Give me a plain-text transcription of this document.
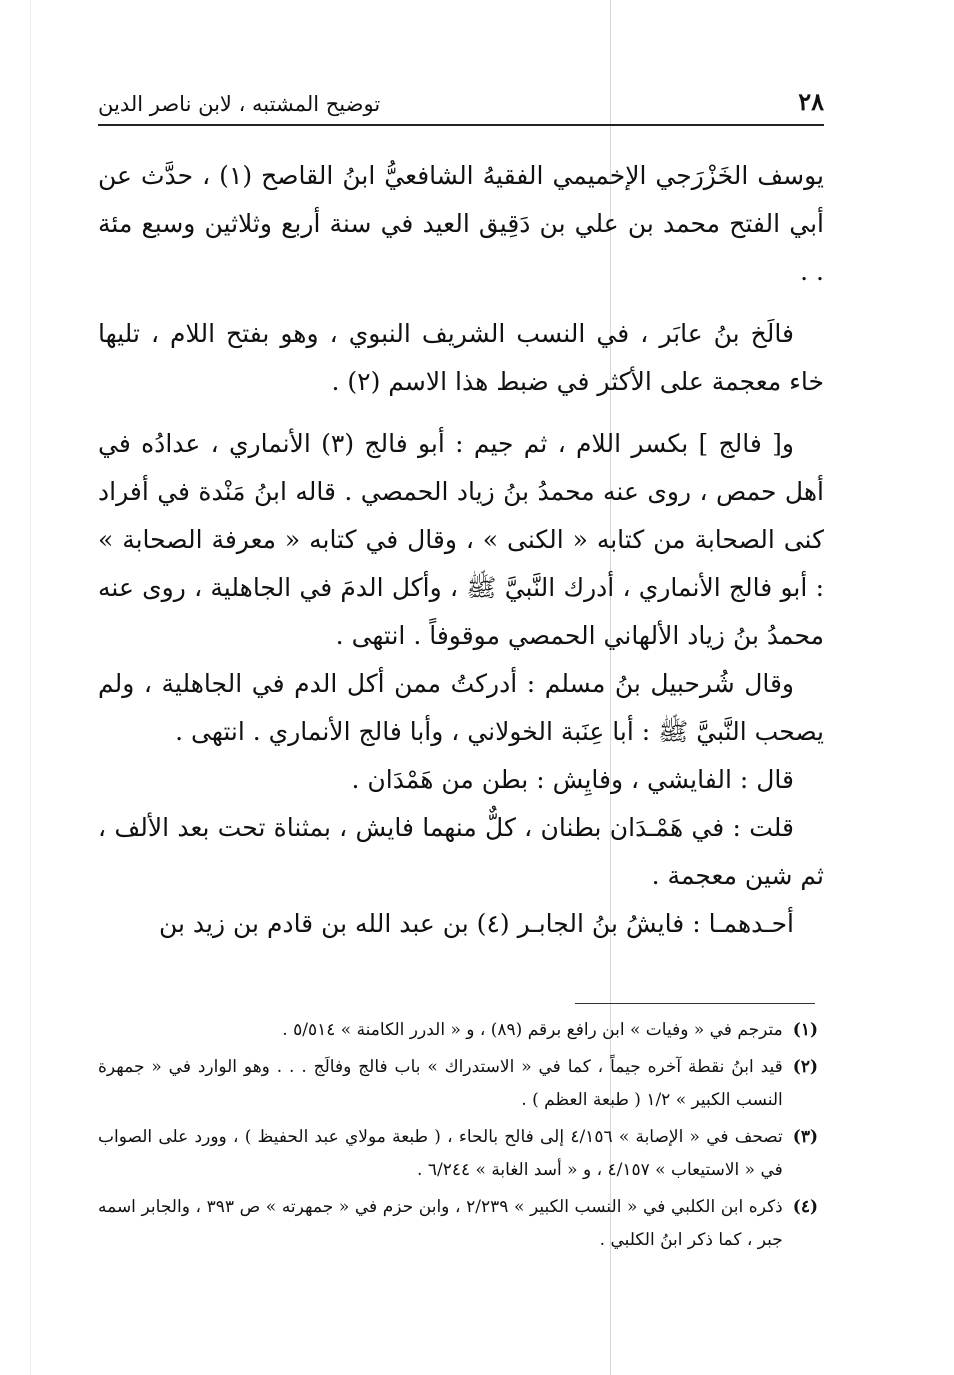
٢٨
توضيح المشتبه ، لابن ناصر الدين

يوسف الخَزْرَجي الإخميمي الفقيهُ الشافعيُّ ابنُ القاصح (١) ، حدَّث عن أبي الفتح محمد بن علي بن دَقِيق العيد في سنة أربع وثلاثين وسبع مئة . .

فالَخ بنُ عابَر ، في النسب الشريف النبوي ، وهو بفتح اللام ، تليها خاء معجمة على الأكثر في ضبط هذا الاسم (٢) .

و[ فالج ] بكسر اللام ، ثم جيم : أبو فالج (٣) الأنماري ، عدادُه في أهل حمص ، روى عنه محمدُ بنُ زياد الحمصي . قاله ابنُ مَنْدة في أفراد كنى الصحابة من كتابه « الكنى » ، وقال في كتابه « معرفة الصحابة » : أبو فالج الأنماري ، أدرك النَّبيَّ ﷺ ، وأكل الدمَ في الجاهلية ، روى عنه محمدُ بنُ زياد الألهاني الحمصي موقوفاً . انتهى .

وقال شُرحبيل بنُ مسلم : أدركتُ ممن أكل الدم في الجاهلية ، ولم يصحب النَّبيَّ ﷺ : أبا عِنَبة الخولاني ، وأبا فالج الأنماري . انتهى .

قال : الفايشي ، وفايِش : بطن من هَمْدَان .

قلت : في هَمْـدَان بطنان ، كلٌّ منهما فايش ، بمثناة تحت بعد الألف ، ثم شين معجمة .

أحـدهمـا : فايشُ بنُ الجابـر (٤) بن عبد الله بن قادم بن زيد بن

(١)
مترجم في « وفيات » ابن رافع برقم (٨٩) ، و « الدرر الكامنة » ٥/٥١٤ .
(٢)
قيد ابنُ نقطة آخره جيماً ، كما في « الاستدراك » باب فالج وفالَج . . . وهو الوارد في « جمهرة النسب الكبير » ١/٢ ( طبعة العظم ) .
(٣)
تصحف في « الإصابة » ٤/١٥٦ إلى فالح بالحاء ، ( طبعة مولاي عبد الحفيظ ) ، وورد على الصواب في « الاستيعاب » ٤/١٥٧ ، و « أسد الغابة » ٦/٢٤٤ .
(٤)
ذكره ابن الكلبي في « النسب الكبير » ٢/٢٣٩ ، وابن حزم في « جمهرته » ص ٣٩٣ ، والجابر اسمه جبر ، كما ذكر ابنُ الكلبي .
